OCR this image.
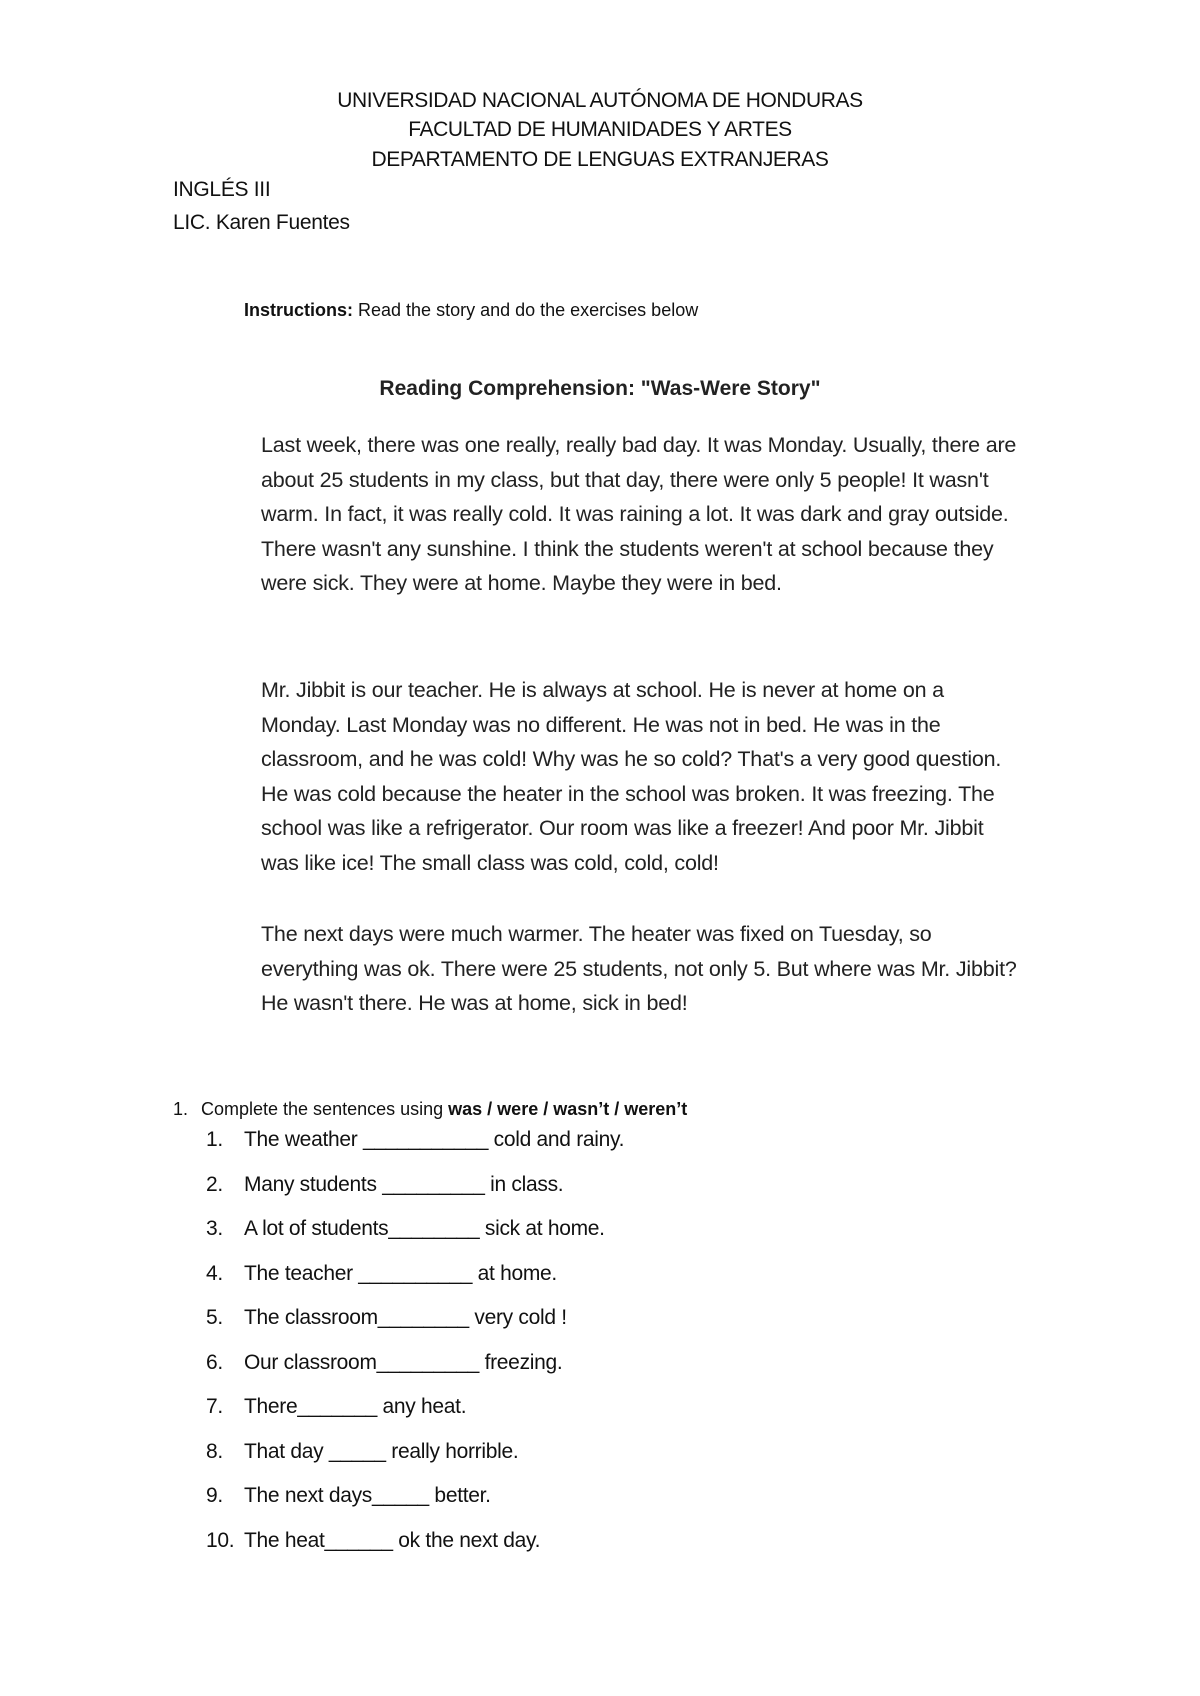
UNIVERSIDAD NACIONAL AUTÓNOMA DE HONDURAS
FACULTAD DE HUMANIDADES Y ARTES
DEPARTAMENTO DE LENGUAS EXTRANJERAS
INGLÉS III
LIC. Karen Fuentes
Instructions: Read the story and do the exercises below
Reading Comprehension: "Was-Were Story"

Last week, there was one really, really bad day. It was Monday. Usually, there are about 25 students in my class, but that day, there were only 5 people! It wasn't warm. In fact, it was really cold. It was raining a lot. It was dark and gray outside. There wasn't any sunshine. I think the students weren't at school because they were sick. They were at home. Maybe they were in bed.

Mr. Jibbit is our teacher. He is always at school. He is never at home on a Monday. Last Monday was no different. He was not in bed. He was in the classroom, and he was cold! Why was he so cold? That's a very good question. He was cold because the heater in the school was broken. It was freezing. The school was like a refrigerator. Our room was like a freezer! And poor Mr. Jibbit was like ice! The small class was cold, cold, cold!

The next days were much warmer. The heater was fixed on Tuesday, so everything was ok. There were 25 students, not only 5. But where was Mr. Jibbit? He wasn't there. He was at home, sick in bed!

1. Complete the sentences using was / were / wasn’t / weren’t
1.	The weather ___________ cold and rainy.
2.	Many students _________ in class.
3.	A lot of students________ sick at home.
4.	The teacher __________ at home.
5.	The classroom________ very cold !
6.	Our classroom_________ freezing.
7.	There_______ any heat.
8.	That day _____ really horrible.
9.	The next days_____ better.
10. The heat______ ok the next day.
